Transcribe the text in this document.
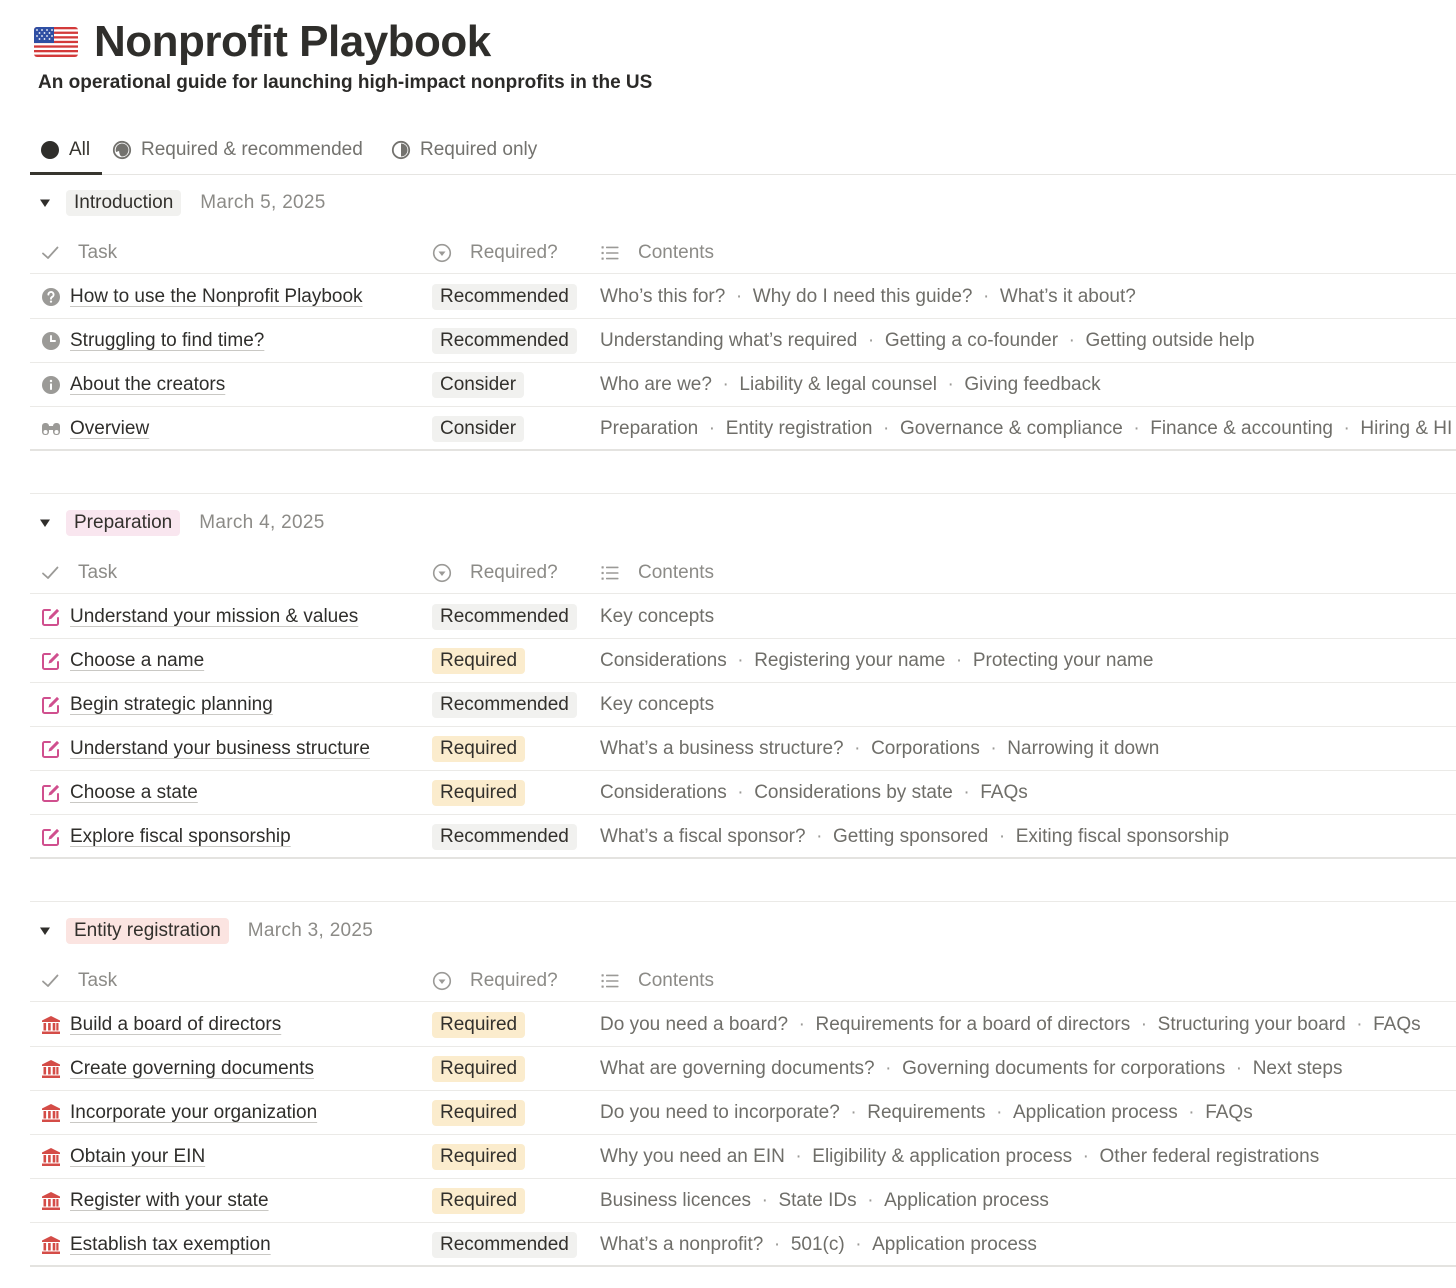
Nonprofit Playbook
An operational guide for launching high-impact nonprofits in the US
All	Required & recommended	Required only
Introduction	March 5, 2025
Task	Required?	Contents
How to use the Nonprofit Playbook	Recommended	Who’s this for? · Why do I need this guide? · What’s it about?
Struggling to find time?	Recommended	Understanding what’s required · Getting a co-founder · Getting outside help
About the creators	Consider	Who are we? · Liability & legal counsel · Giving feedback
Overview	Consider	Preparation · Entity registration · Governance & compliance · Finance & accounting · Hiring & HI
Preparation	March 4, 2025
Task	Required?	Contents
Understand your mission & values	Recommended	Key concepts
Choose a name	Required	Considerations · Registering your name · Protecting your name
Begin strategic planning	Recommended	Key concepts
Understand your business structure	Required	What’s a business structure? · Corporations · Narrowing it down
Choose a state	Required	Considerations · Considerations by state · FAQs
Explore fiscal sponsorship	Recommended	What’s a fiscal sponsor? · Getting sponsored · Exiting fiscal sponsorship
Entity registration	March 3, 2025
Task	Required?	Contents
Build a board of directors	Required	Do you need a board? · Requirements for a board of directors · Structuring your board · FAQs
Create governing documents	Required	What are governing documents? · Governing documents for corporations · Next steps
Incorporate your organization	Required	Do you need to incorporate? · Requirements · Application process · FAQs
Obtain your EIN	Required	Why you need an EIN · Eligibility & application process · Other federal registrations
Register with your state	Required	Business licences · State IDs · Application process
Establish tax exemption	Recommended	What’s a nonprofit? · 501(c) · Application process
